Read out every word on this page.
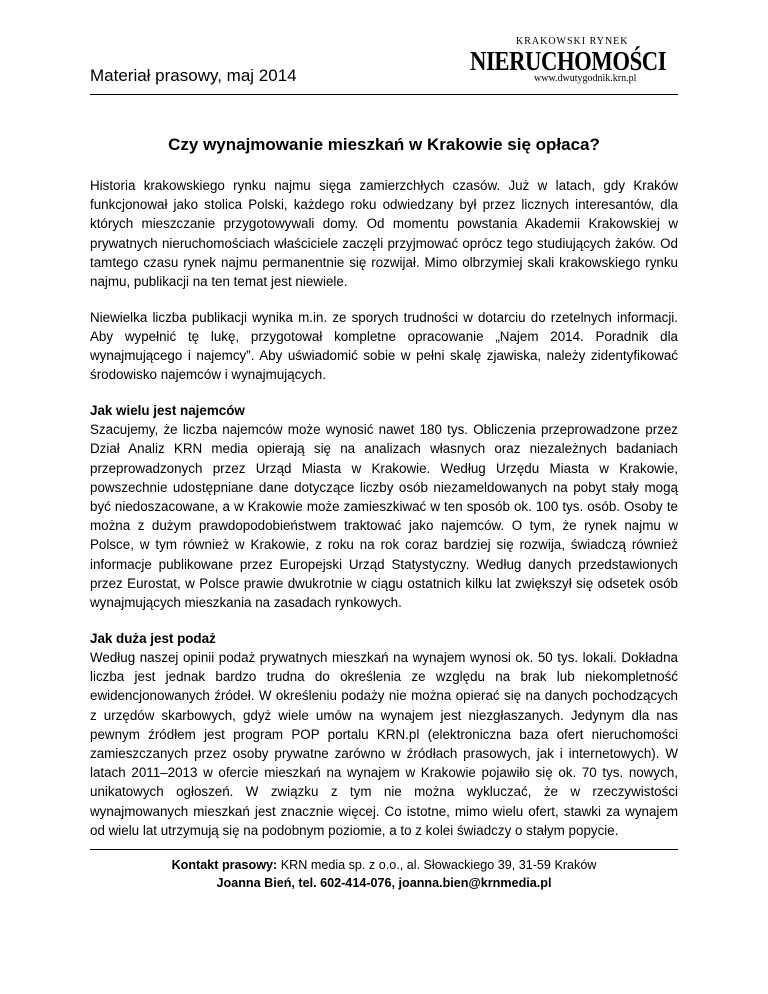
Materiał prasowy, maj 2014
KRAKOWSKI RYNEK
NIERUCHOMOŚCI
www.dwutygodnik.krn.pl
Czy wynajmowanie mieszkań w Krakowie się opłaca?

Historia krakowskiego rynku najmu sięga zamierzchłych czasów. Już w latach, gdy Kraków funkcjonował jako stolica Polski, każdego roku odwiedzany był przez licznych interesantów, dla których mieszczanie przygotowywali domy. Od momentu powstania Akademii Krakowskiej w prywatnych nieruchomościach właściciele zaczęli przyjmować oprócz tego studiujących żaków. Od tamtego czasu rynek najmu permanentnie się rozwijał. Mimo olbrzymiej skali krakowskiego rynku najmu, publikacji na ten temat jest niewiele.

Niewielka liczba publikacji wynika m.in. ze sporych trudności w dotarciu do rzetelnych informacji. Aby wypełnić tę lukę, przygotował kompletne opracowanie „Najem 2014. Poradnik dla wynajmującego i najemcy”. Aby uświadomić sobie w pełni skalę zjawiska, należy zidentyfikować środowisko najemców i wynajmujących.

Jak wielu jest najemców

Szacujemy, że liczba najemców może wynosić nawet 180 tys. Obliczenia przeprowadzone przez Dział Analiz KRN media opierają się na analizach własnych oraz niezależnych badaniach przeprowadzonych przez Urząd Miasta w Krakowie. Według Urzędu Miasta w Krakowie, powszechnie udostępniane dane dotyczące liczby osób niezameldowanych na pobyt stały mogą być niedoszacowane, a w Krakowie może zamieszkiwać w ten sposób ok. 100 tys. osób. Osoby te można z dużym prawdopodobieństwem traktować jako najemców. O tym, że rynek najmu w Polsce, w tym również w Krakowie, z roku na rok coraz bardziej się rozwija, świadczą również informacje publikowane przez Europejski Urząd Statystyczny. Według danych przedstawionych przez Eurostat, w Polsce prawie dwukrotnie w ciągu ostatnich kilku lat zwiększył się odsetek osób wynajmujących mieszkania na zasadach rynkowych.

Jak duża jest podaż

Według naszej opinii podaż prywatnych mieszkań na wynajem wynosi ok. 50 tys. lokali. Dokładna liczba jest jednak bardzo trudna do określenia ze względu na brak lub niekompletność ewidencjonowanych źródeł. W określeniu podaży nie można opierać się na danych pochodzących z urzędów skarbowych, gdyż wiele umów na wynajem jest niezgłaszanych. Jedynym dla nas pewnym źródłem jest program POP portalu KRN.pl (elektroniczna baza ofert nieruchomości zamieszczanych przez osoby prywatne zarówno w źródłach prasowych, jak i internetowych). W latach 2011–2013 w ofercie mieszkań na wynajem w Krakowie pojawiło się ok. 70 tys. nowych, unikatowych ogłoszeń. W związku z tym nie można wykluczać, że w rzeczywistości wynajmowanych mieszkań jest znacznie więcej. Co istotne, mimo wielu ofert, stawki za wynajem od wielu lat utrzymują się na podobnym poziomie, a to z kolei świadczy o stałym popycie.

Kontakt prasowy: KRN media sp. z o.o., al. Słowackiego 39, 31-59 Kraków
Joanna Bień, tel. 602-414-076, joanna.bien@krnmedia.pl
